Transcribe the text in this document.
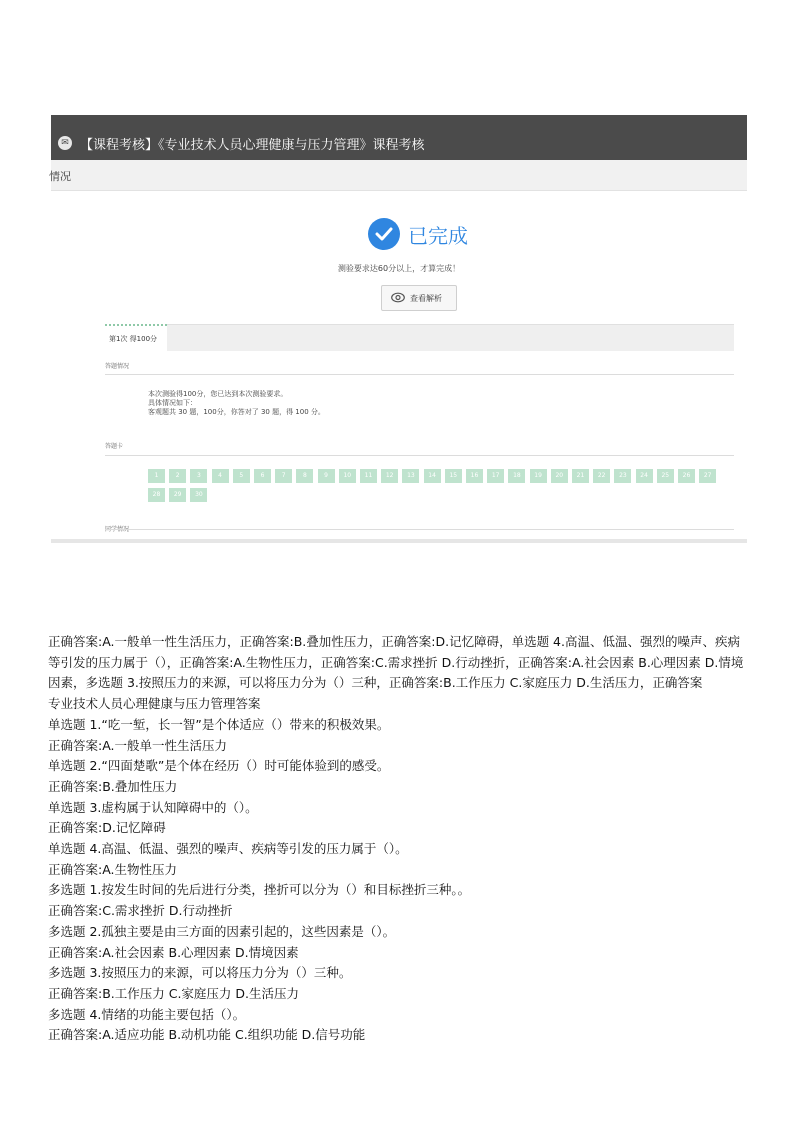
✉ 【课程考核】《专业技术人员心理健康与压力管理》课程考核
情况
已完成
测验要求达60分以上，才算完成！
查看解析
第1次 得100分
答题情况
本次测验得100分，您已达到本次测验要求。
具体情况如下：
客观题共 30 题，100分，你答对了 30 题，得 100 分。
答题卡
1	2	3	4	5	6	7	8	9	10	11	12	13	14	15	16	17	18	19	20	21	22	23	24	25	26	27
28	29	30

正确答案:A.一般单一性生活压力，正确答案:B.叠加性压力，正确答案:D.记忆障碍，单选题 4.高温、低温、强烈的噪声、疾病等引发的压力属于（），正确答案:A.生物性压力，正确答案:C.需求挫折 D.行动挫折，正确答案:A.社会因素 B.心理因素 D.情境因素，多选题 3.按照压力的来源，可以将压力分为（）三种，正确答案:B.工作压力 C.家庭压力 D.生活压力，正确答案

专业技术人员心理健康与压力管理答案

单选题 1.“吃一堑，长一智”是个体适应（）带来的积极效果。

正确答案:A.一般单一性生活压力

单选题 2.“四面楚歌”是个体在经历（）时可能体验到的感受。

正确答案:B.叠加性压力

单选题 3.虚构属于认知障碍中的（）。

正确答案:D.记忆障碍

单选题 4.高温、低温、强烈的噪声、疾病等引发的压力属于（）。

正确答案:A.生物性压力

多选题 1.按发生时间的先后进行分类，挫折可以分为（）和目标挫折三种。。

正确答案:C.需求挫折 D.行动挫折

多选题 2.孤独主要是由三方面的因素引起的，这些因素是（）。

正确答案:A.社会因素 B.心理因素 D.情境因素

多选题 3.按照压力的来源，可以将压力分为（）三种。

正确答案:B.工作压力 C.家庭压力 D.生活压力

多选题 4.情绪的功能主要包括（）。

正确答案:A.适应功能 B.动机功能 C.组织功能 D.信号功能
